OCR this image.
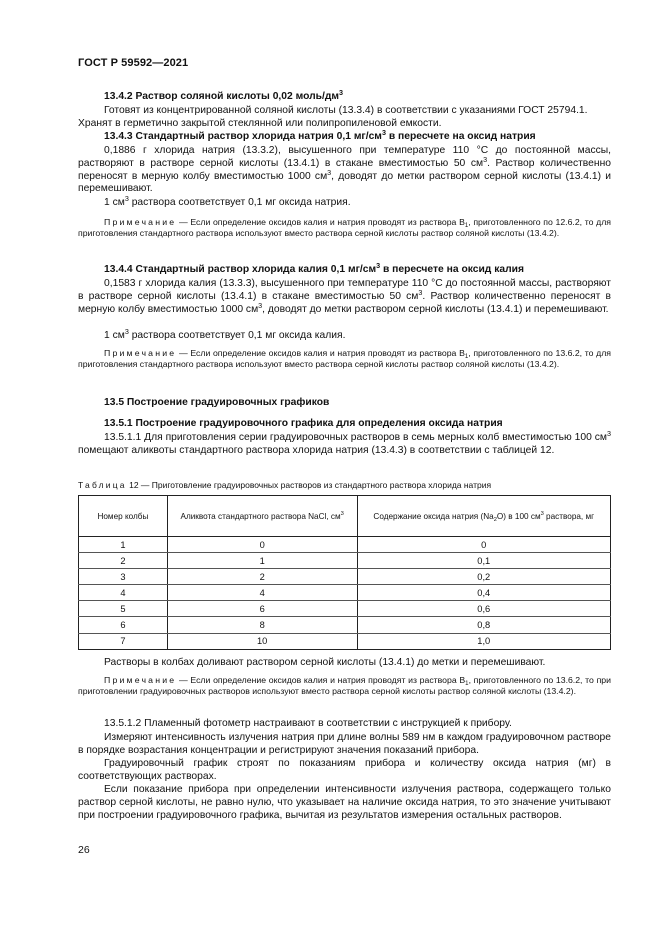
ГОСТ Р 59592—2021
13.4.2 Раствор соляной кислоты 0,02 моль/$дм^3$
Готовят из концентрированной соляной кислоты (13.3.4) в соответствии с указаниями ГОСТ 25794.1.
Хранят в герметично закрытой стеклянной или полипропиленовой емкости.
13.4.3 Стандартный раствор хлорида натрия 0,1 $мг/см^3$ в пересчете на оксид натрия
0,1886 г хлорида натрия (13.3.2), высушенного при температуре 110 °С до постоянной массы, растворяют в растворе серной кислоты (13.4.1) в стакане вместимостью 50 $см^3$. Раствор количественно переносят в мерную колбу вместимостью 1000 $см^3$, доводят до метки раствором серной кислоты (13.4.1) и перемешивают.
1 $см^3$ раствора соответствует 0,1 мг оксида натрия.
Примечание — Если определение оксидов калия и натрия проводят из раствора $В_1$, приготовленного по 12.6.2, то для приготовления стандартного раствора используют вместо раствора серной кислоты раствор соляной кислоты (13.4.2).
13.4.4 Стандартный раствор хлорида калия 0,1 $мг/см^3$ в пересчете на оксид калия
0,1583 г хлорида калия (13.3.3), высушенного при температуре 110 °С до постоянной массы, растворяют в растворе серной кислоты (13.4.1) в стакане вместимостью 50 $см^3$. Раствор количественно переносят в мерную колбу вместимостью 1000 $см^3$, доводят до метки раствором серной кислоты (13.4.1) и перемешивают.
1 $см^3$ раствора соответствует 0,1 мг оксида калия.
Примечание — Если определение оксидов калия и натрия проводят из раствора $В_1$, приготовленного по 13.6.2, то для приготовления стандартного раствора используют вместо раствора серной кислоты раствор соляной кислоты (13.4.2).
13.5 Построение градуировочных графиков
13.5.1 Построение градуировочного графика для определения оксида натрия
13.5.1.1 Для приготовления серии градуировочных растворов в семь мерных колб вместимостью 100 $см^3$ помещают аликвоты стандартного раствора хлорида натрия (13.4.3) в соответствии с таблицей 12.
Таблица 12 — Приготовление градуировочных растворов из стандартного раствора хлорида натрия
Номер колбы	Аликвота стандартного раствора NaCl, $см^3$	Содержание оксида натрия $(Na_2O)$ в 100 $см^3$ раствора, мг
1	0	0
2	1	0,1
3	2	0,2
4	4	0,4
5	6	0,6
6	8	0,8
7	10	1,0
Растворы в колбах доливают раствором серной кислоты (13.4.1) до метки и перемешивают.
Примечание — Если определение оксидов калия и натрия проводят из раствора $В_1$, приготовленного по 13.6.2, то при приготовлении градуировочных растворов используют вместо раствора серной кислоты раствор соляной кислоты (13.4.2).
13.5.1.2 Пламенный фотометр настраивают в соответствии с инструкцией к прибору.
Измеряют интенсивность излучения натрия при длине волны 589 нм в каждом градуировочном растворе в порядке возрастания концентрации и регистрируют значения показаний прибора.
Градуировочный график строят по показаниям прибора и количеству оксида натрия (мг) в соответствующих растворах.
Если показание прибора при определении интенсивности излучения раствора, содержащего только раствор серной кислоты, не равно нулю, что указывает на наличие оксида натрия, то это значение учитывают при построении градуировочного графика, вычитая из результатов измерения остальных растворов.
26
